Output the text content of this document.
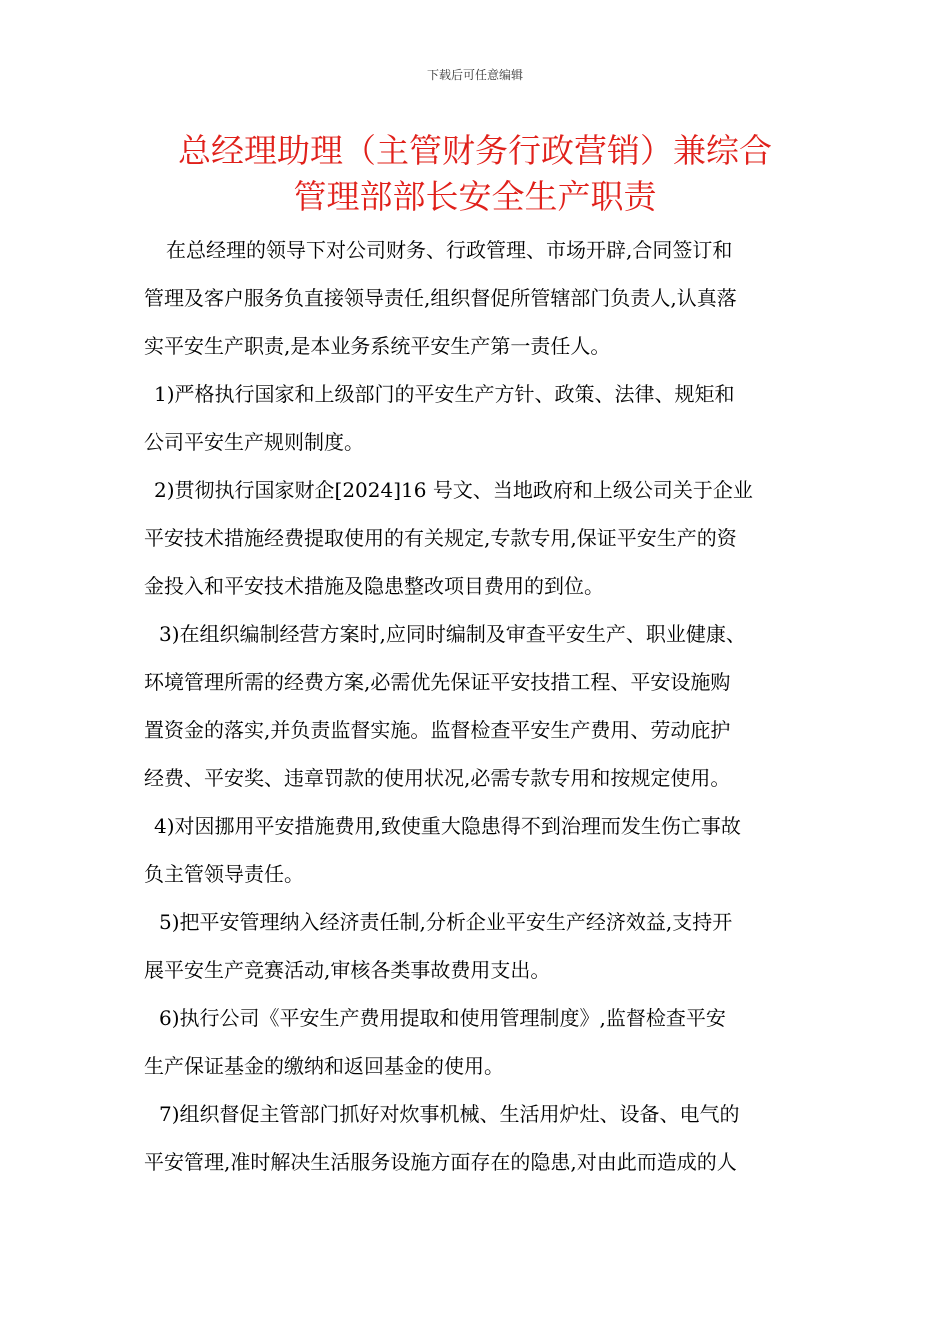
下载后可任意编辑
总经理助理（主管财务行政营销）兼综合
管理部部长安全生产职责
在总经理的领导下对公司财务、行政管理、市场开辟,合同签订和
管理及客户服务负直接领导责任,组织督促所管辖部门负责人,认真落
实平安生产职责,是本业务系统平安生产第一责任人。
1)严格执行国家和上级部门的平安生产方针、政策、法律、规矩和
公司平安生产规则制度。
2)贯彻执行国家财企[2024]16 号文、当地政府和上级公司关于企业
平安技术措施经费提取使用的有关规定,专款专用,保证平安生产的资
金投入和平安技术措施及隐患整改项目费用的到位。
3)在组织编制经营方案时,应同时编制及审查平安生产、职业健康、
环境管理所需的经费方案,必需优先保证平安技措工程、平安设施购
置资金的落实,并负责监督实施。监督检查平安生产费用、劳动庇护
经费、平安奖、违章罚款的使用状况,必需专款专用和按规定使用。
4)对因挪用平安措施费用,致使重大隐患得不到治理而发生伤亡事故
负主管领导责任。
5)把平安管理纳入经济责任制,分析企业平安生产经济效益,支持开
展平安生产竞赛活动,审核各类事故费用支出。
6)执行公司《平安生产费用提取和使用管理制度》,监督检查平安
生产保证基金的缴纳和返回基金的使用。
7)组织督促主管部门抓好对炊事机械、生活用炉灶、设备、电气的
平安管理,准时解决生活服务设施方面存在的隐患,对由此而造成的人
